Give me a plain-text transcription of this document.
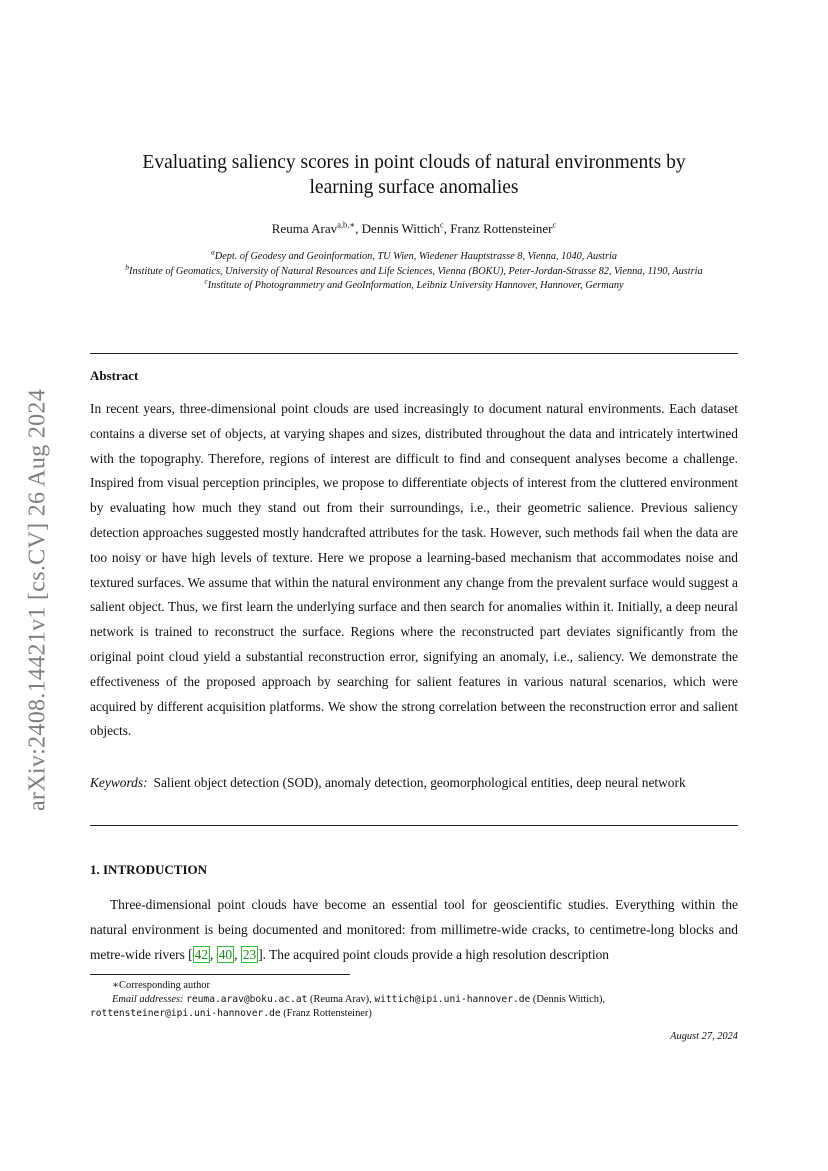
arXiv:2408.14421v1 [cs.CV] 26 Aug 2024
Evaluating saliency scores in point clouds of natural environments by
learning surface anomalies
Reuma Arav$^{a,b,∗}$, Dennis Wittich$^c$, Franz Rottensteiner$^c$
$^a$Dept. of Geodesy and Geoinformation, TU Wien, Wiedener Hauptstrasse 8, Vienna, 1040, Austria
$^b$Institute of Geomatics, University of Natural Resources and Life Sciences, Vienna (BOKU), Peter-Jordan-Strasse 82, Vienna, 1190, Austria
$^c$Institute of Photogrammetry and GeoInformation, Leibniz University Hannover, Hannover, Germany
Abstract
In recent years, three-dimensional point clouds are used increasingly to document natural environments. Each dataset contains a diverse set of objects, at varying shapes and sizes, distributed throughout the data and intricately intertwined with the topography. Therefore, regions of interest are difficult to find and consequent analyses become a challenge. Inspired from visual perception principles, we propose to differentiate objects of interest from the cluttered environment by evaluating how much they stand out from their surroundings, i.e., their geometric salience. Previous saliency detection approaches suggested mostly handcrafted attributes for the task. However, such methods fail when the data are too noisy or have high levels of texture. Here we propose a learning-based mechanism that accommodates noise and textured surfaces. We assume that within the natural environment any change from the prevalent surface would suggest a salient object. Thus, we first learn the underlying surface and then search for anomalies within it. Initially, a deep neural network is trained to reconstruct the surface. Regions where the reconstructed part deviates significantly from the original point cloud yield a substantial reconstruction error, signifying an anomaly, i.e., saliency. We demonstrate the effectiveness of the proposed approach by searching for salient features in various natural scenarios, which were acquired by different acquisition platforms. We show the strong correlation between the reconstruction error and salient objects.
Keywords: Salient object detection (SOD), anomaly detection, geomorphological entities, deep neural network
1. INTRODUCTION
Three-dimensional point clouds have become an essential tool for geoscientific studies. Everything within the natural environment is being documented and monitored: from millimetre-wide cracks, to centimetre-long blocks and metre-wide rivers [ 42 , 40 , 23 ]. The acquired point clouds provide a high resolution description
∗Corresponding author
Email addresses: reuma.arav@boku.ac.at (Reuma Arav), wittich@ipi.uni-hannover.de (Dennis Wittich),
rottensteiner@ipi.uni-hannover.de (Franz Rottensteiner)
August 27, 2024
